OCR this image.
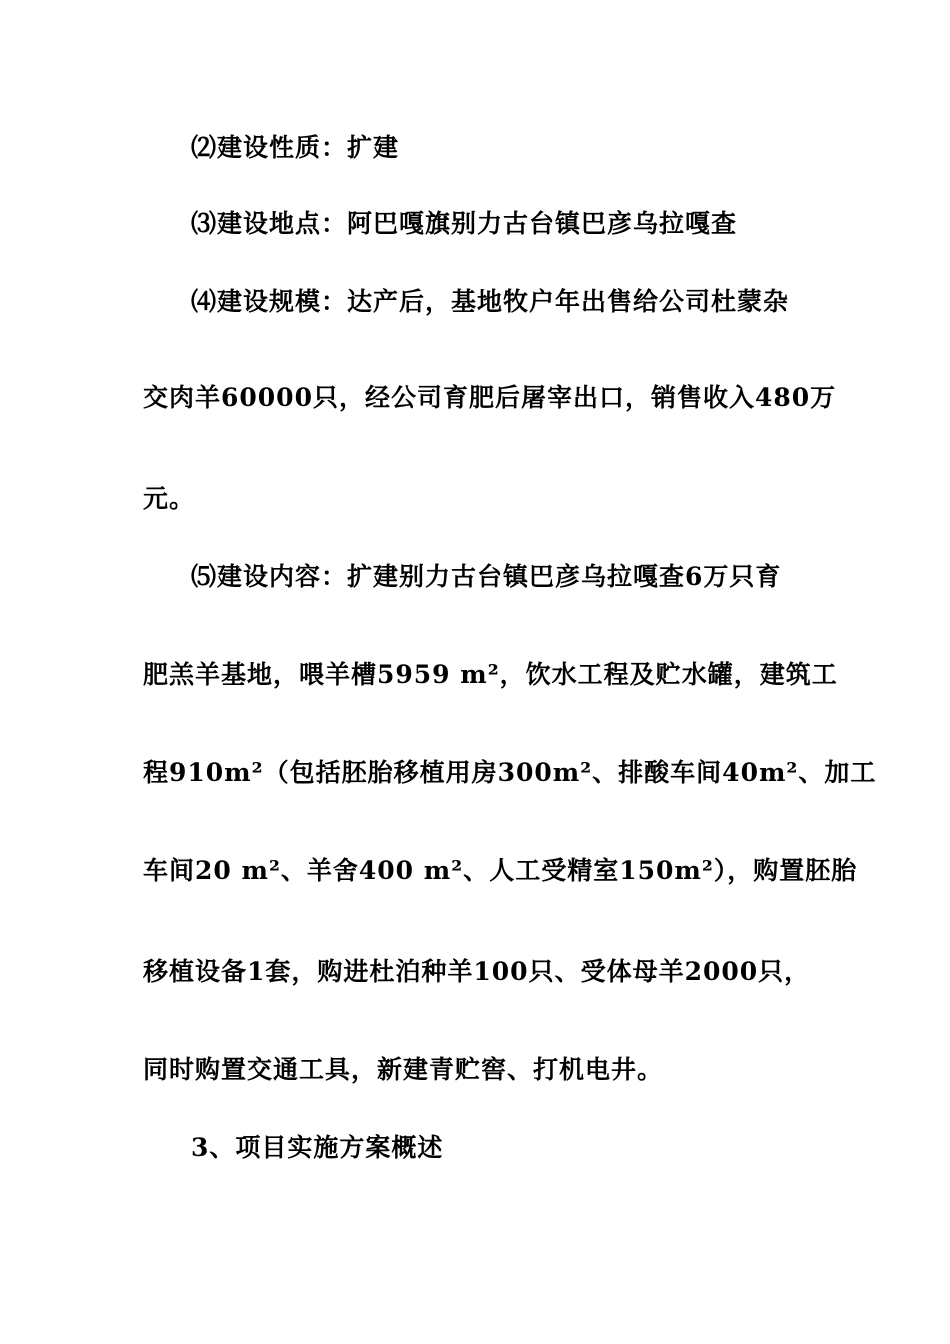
⑵建设性质：扩建
⑶建设地点：阿巴嘎旗别力古台镇巴彦乌拉嘎查
⑷建设规模：达产后，基地牧户年出售给公司杜蒙杂
交肉羊60000只，经公司育肥后屠宰出口，销售收入480万
元。
⑸建设内容：扩建别力古台镇巴彦乌拉嘎查6万只育
肥羔羊基地，喂羊槽5959 m²，饮水工程及贮水罐，建筑工
程910m²（包括胚胎移植用房300m²、排酸车间40m²、加工
车间20 m²、羊舍400 m²、人工受精室150m²），购置胚胎
移植设备1套，购进杜泊种羊100只、受体母羊2000只，
同时购置交通工具，新建青贮窖、打机电井。
3、项目实施方案概述
